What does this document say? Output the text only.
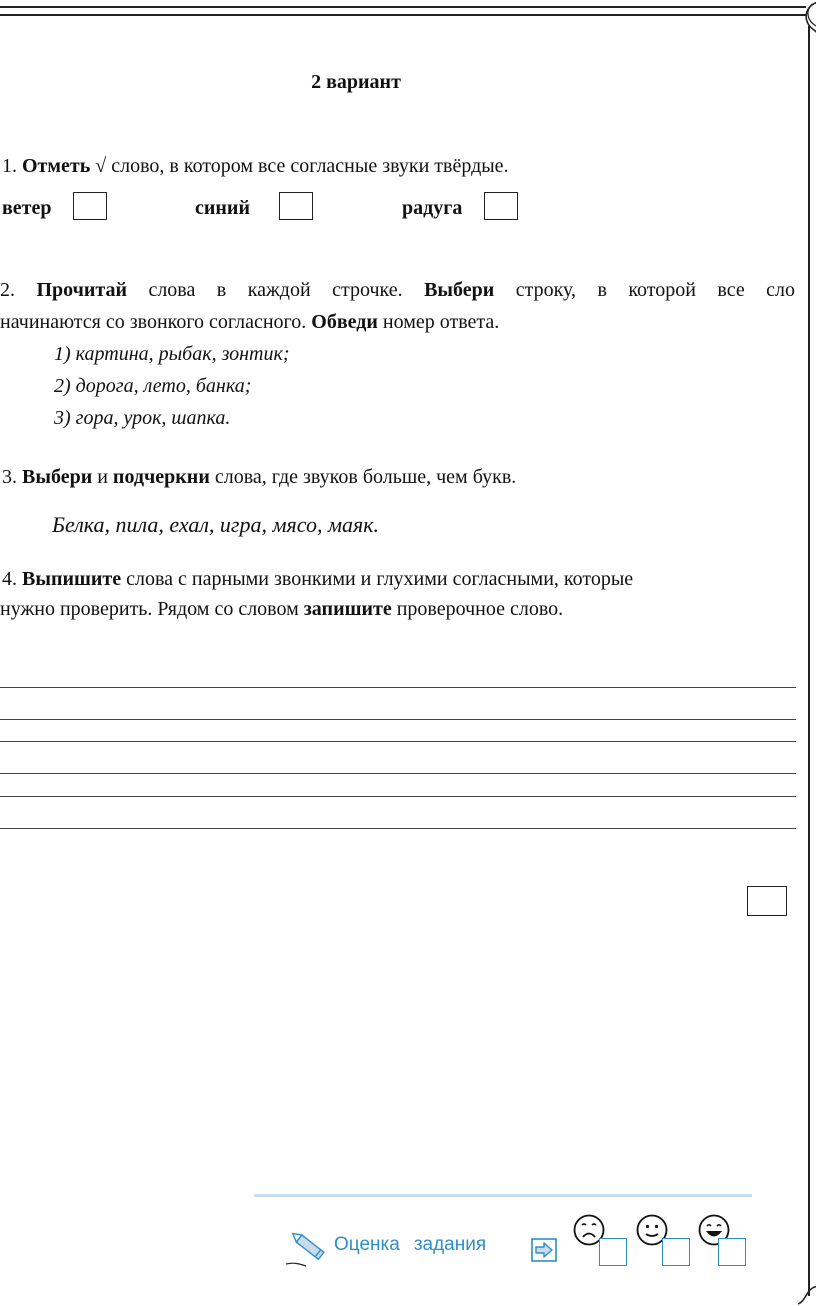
2 вариант
1. Отметь √ слово, в котором все согласные звуки твёрдые.
ветер	синий	радуга
2. Прочитай слова в каждой строчке. Выбери строку, в которой все сло
начинаются со звонкого согласного. Обведи номер ответа.
1) картина, рыбак, зонтик;
2) дорога, лето, банка;
3) гора, урок, шапка.
3. Выбери и подчеркни слова, где звуков больше, чем букв.
Белка, пила, ехал, игра, мясо, маяк.
4. Выпишите слова с парными звонкими и глухими согласными, которые
нужно проверить. Рядом со словом запишите проверочное слово.
Оценка задания
